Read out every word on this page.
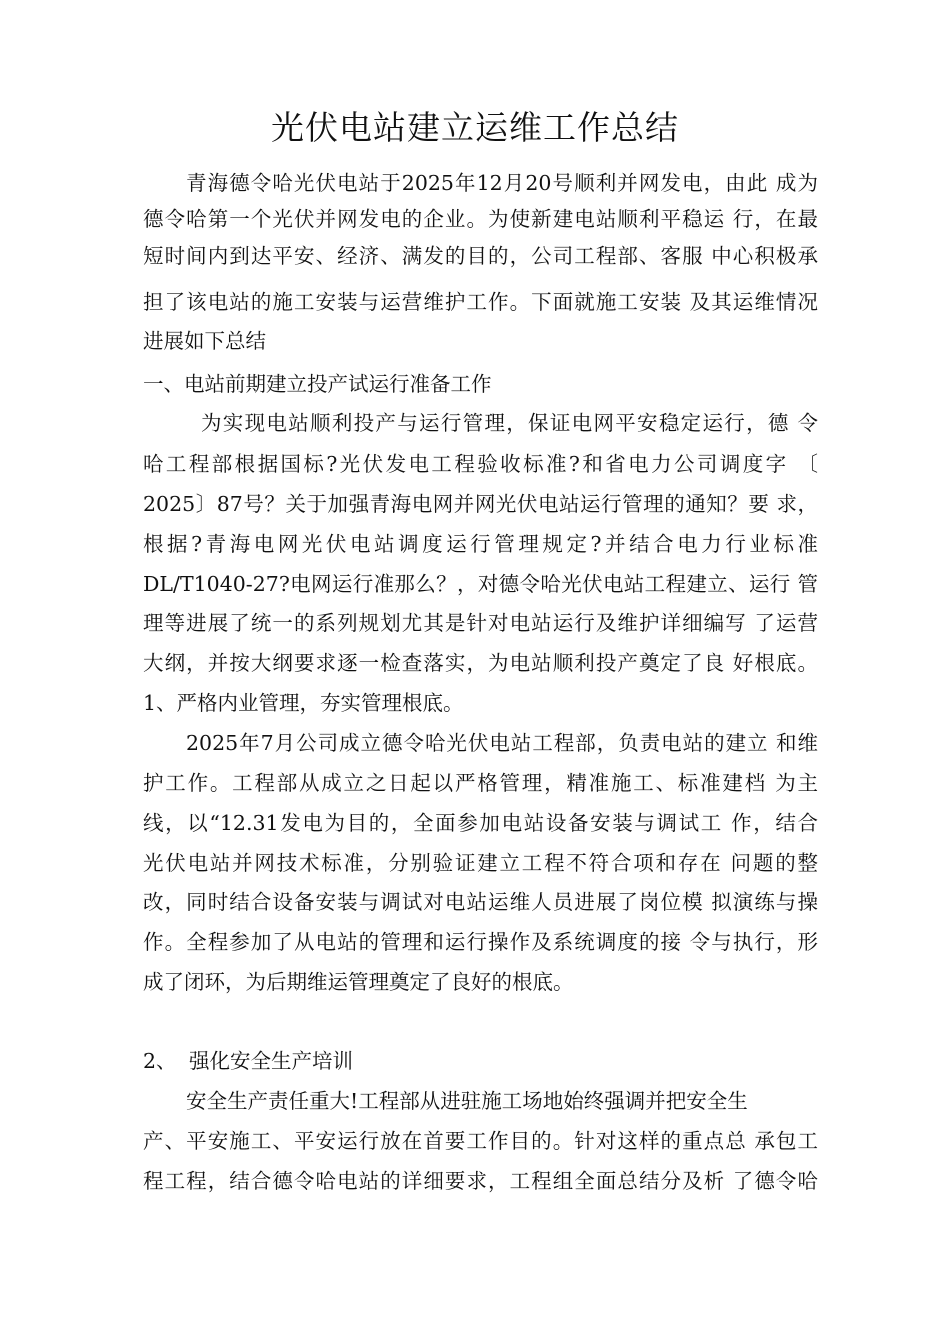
光伏电站建立运维工作总结

青海德令哈光伏电站于2025年12月20号顺利并网发电，由此 成为

德令哈第一个光伏并网发电的企业。为使新建电站顺利平稳运 行，在最

短时间内到达平安、经济、满发的目的，公司工程部、客服 中心积极承

担了该电站的施工安装与运营维护工作。下面就施工安装 及其运维情况

进展如下总结

一、电站前期建立投产试运行准备工作

为实现电站顺利投产与运行管理，保证电网平安稳定运行，德 令

哈工程部根据国标?光伏发电工程验收标准?和省电力公司调度字 〔

2025〕87号？关于加强青海电网并网光伏电站运行管理的通知？要 求，

根据?青海电网光伏电站调度运行管理规定?并结合电力行业标准

DL/T1040-27?电网运行准那么？，对德令哈光伏电站工程建立、运行 管

理等进展了统一的系列规划尤其是针对电站运行及维护详细编写 了运营

大纲，并按大纲要求逐一检查落实，为电站顺利投产奠定了良 好根底。

1、严格内业管理，夯实管理根底。

2025年7月公司成立德令哈光伏电站工程部，负责电站的建立 和维

护工作。工程部从成立之日起以严格管理，精准施工、标准建档 为主

线，以“12.31发电为目的，全面参加电站设备安装与调试工 作，结合

光伏电站并网技术标准，分别验证建立工程不符合项和存在 问题的整

改，同时结合设备安装与调试对电站运维人员进展了岗位模 拟演练与操

作。全程参加了从电站的管理和运行操作及系统调度的接 令与执行，形

成了闭环，为后期维运管理奠定了良好的根底。

2、 强化安全生产培训

安全生产责任重大!工程部从进驻施工场地始终强调并把安全生

产、平安施工、平安运行放在首要工作目的。针对这样的重点总 承包工

程工程，结合德令哈电站的详细要求，工程组全面总结分及析 了德令哈
